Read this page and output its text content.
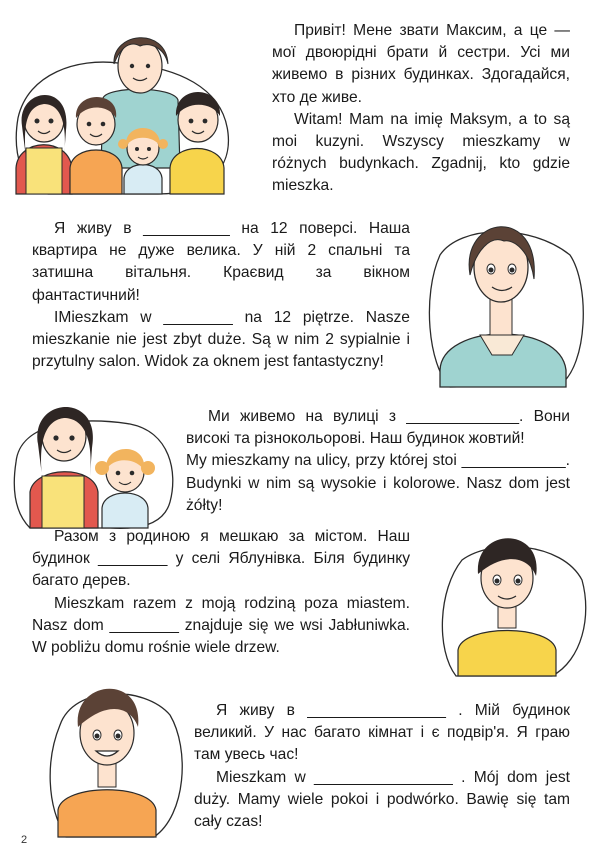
Привіт! Мене звати Максим, а це — мої двоюрідні брати й сестри. Усі ми живемо в різних будинках. Здогадайся, хто де живе.

Witam! Mam na imię Maksym, a to są moi kuzyni. Wszyscy mieszkamy w różnych budynkach. Zgadnij, kto gdzie mieszka.

Я живу в __________ на 12 поверсі. Наша квартира не дуже велика. У ній 2 спальні та затишна вітальня. Краєвид за вікном фантастичний!

IMieszkam w ________ na 12 piętrze. Nasze mieszkanie nie jest zbyt duże. Są w nim 2 sypialnie i przytulny salon. Widok za oknem jest fantastyczny!

Ми живемо на вулиці з _____________. Вони високі та різнокольорові. Наш будинок жовтий!

My mieszkamy na ulicy, przy której stoi ____________. Budynki w nim są wysokie i kolorowe. Nasz dom jest żółty!

Разом з родиною я мешкаю за містом. Наш будинок ________ у селі Яблунівка. Біля будинку багато дерев.

Mieszkam razem z moją rodziną poza miastem. Nasz dom ________ znajduje się we wsi Jabłuniwka. W pobliżu domu rośnie wiele drzew.

Я живу в ________________ . Мій будинок великий. У нас багато кімнат і є подвір'я. Я граю там увесь час!

Mieszkam w ________________ . Mój dom jest duży. Mamy wiele pokoi i podwórko. Bawię się tam cały czas!

2
